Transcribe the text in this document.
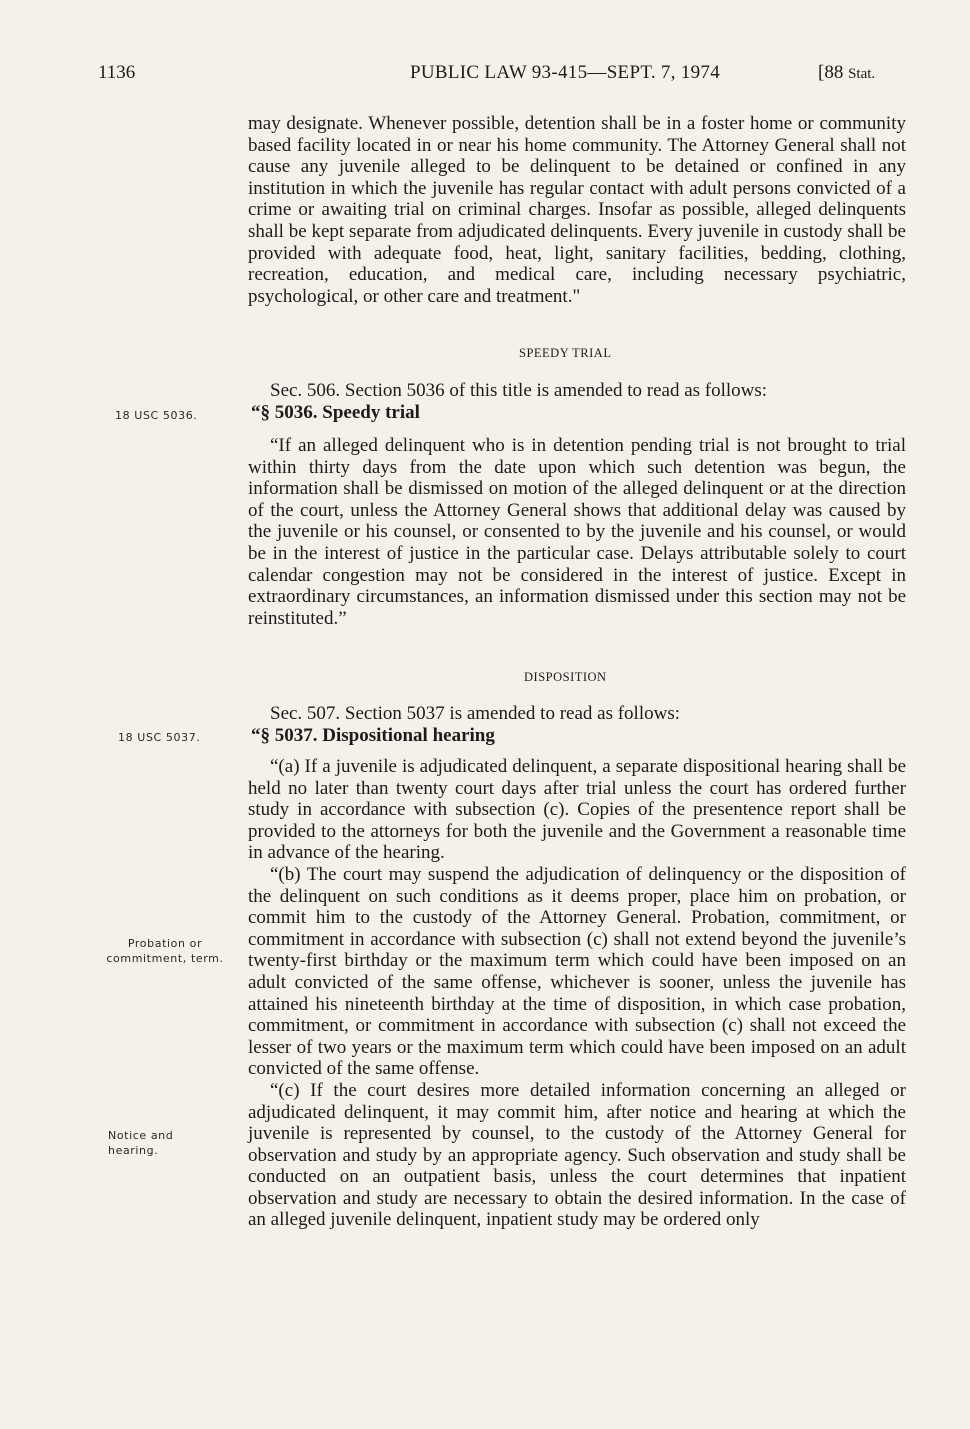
1136	PUBLIC LAW 93-415—SEPT. 7, 1974	[88 Stat.

may designate. Whenever possible, detention shall be in a foster home or community based facility located in or near his home community. The Attorney General shall not cause any juvenile alleged to be delinquent to be detained or confined in any institution in which the juvenile has regular contact with adult persons convicted of a crime or awaiting trial on criminal charges. Insofar as possible, alleged delinquents shall be kept separate from adjudicated delinquents. Every juvenile in custody shall be provided with adequate food, heat, light, sanitary facilities, bedding, clothing, recreation, education, and medical care, including necessary psychiatric, psychological, or other care and treatment."

SPEEDY TRIAL
Sec. 506. Section 5036 of this title is amended to read as follows:
18 USC 5036.	“§ 5036. Speedy trial

“If an alleged delinquent who is in detention pending trial is not brought to trial within thirty days from the date upon which such detention was begun, the information shall be dismissed on motion of the alleged delinquent or at the direction of the court, unless the Attorney General shows that additional delay was caused by the juvenile or his counsel, or consented to by the juvenile and his counsel, or would be in the interest of justice in the particular case. Delays attributable solely to court calendar congestion may not be considered in the interest of justice. Except in extraordinary circumstances, an information dismissed under this section may not be reinstituted.”

DISPOSITION
Sec. 507. Section 5037 is amended to read as follows:
18 USC 5037.	“§ 5037. Dispositional hearing

“(a) If a juvenile is adjudicated delinquent, a separate dispositional hearing shall be held no later than twenty court days after trial unless the court has ordered further study in accordance with subsection (c). Copies of the presentence report shall be provided to the attorneys for both the juvenile and the Government a reasonable time in advance of the hearing.

“(b) The court may suspend the adjudication of delinquency or the disposition of the delinquent on such conditions as it deems proper, place him on probation, or commit him to the custody of the Attorney General. Probation, commitment, or commitment in accordance with subsection (c) shall not extend beyond the juvenile’s twenty-first birthday or the maximum term which could have been imposed on an adult convicted of the same offense, whichever is sooner, unless the juvenile has attained his nineteenth birthday at the time of disposition, in which case probation, commitment, or commitment in accordance with subsection (c) shall not exceed the lesser of two years or the maximum term which could have been imposed on an adult convicted of the same offense.

“(c) If the court desires more detailed information concerning an alleged or adjudicated delinquent, it may commit him, after notice and hearing at which the juvenile is represented by counsel, to the custody of the Attorney General for observation and study by an appropriate agency. Such observation and study shall be conducted on an outpatient basis, unless the court determines that inpatient observation and study are necessary to obtain the desired information. In the case of an alleged juvenile delinquent, inpatient study may be ordered only

Probation or
commitment, term.
Notice and
hearing.
